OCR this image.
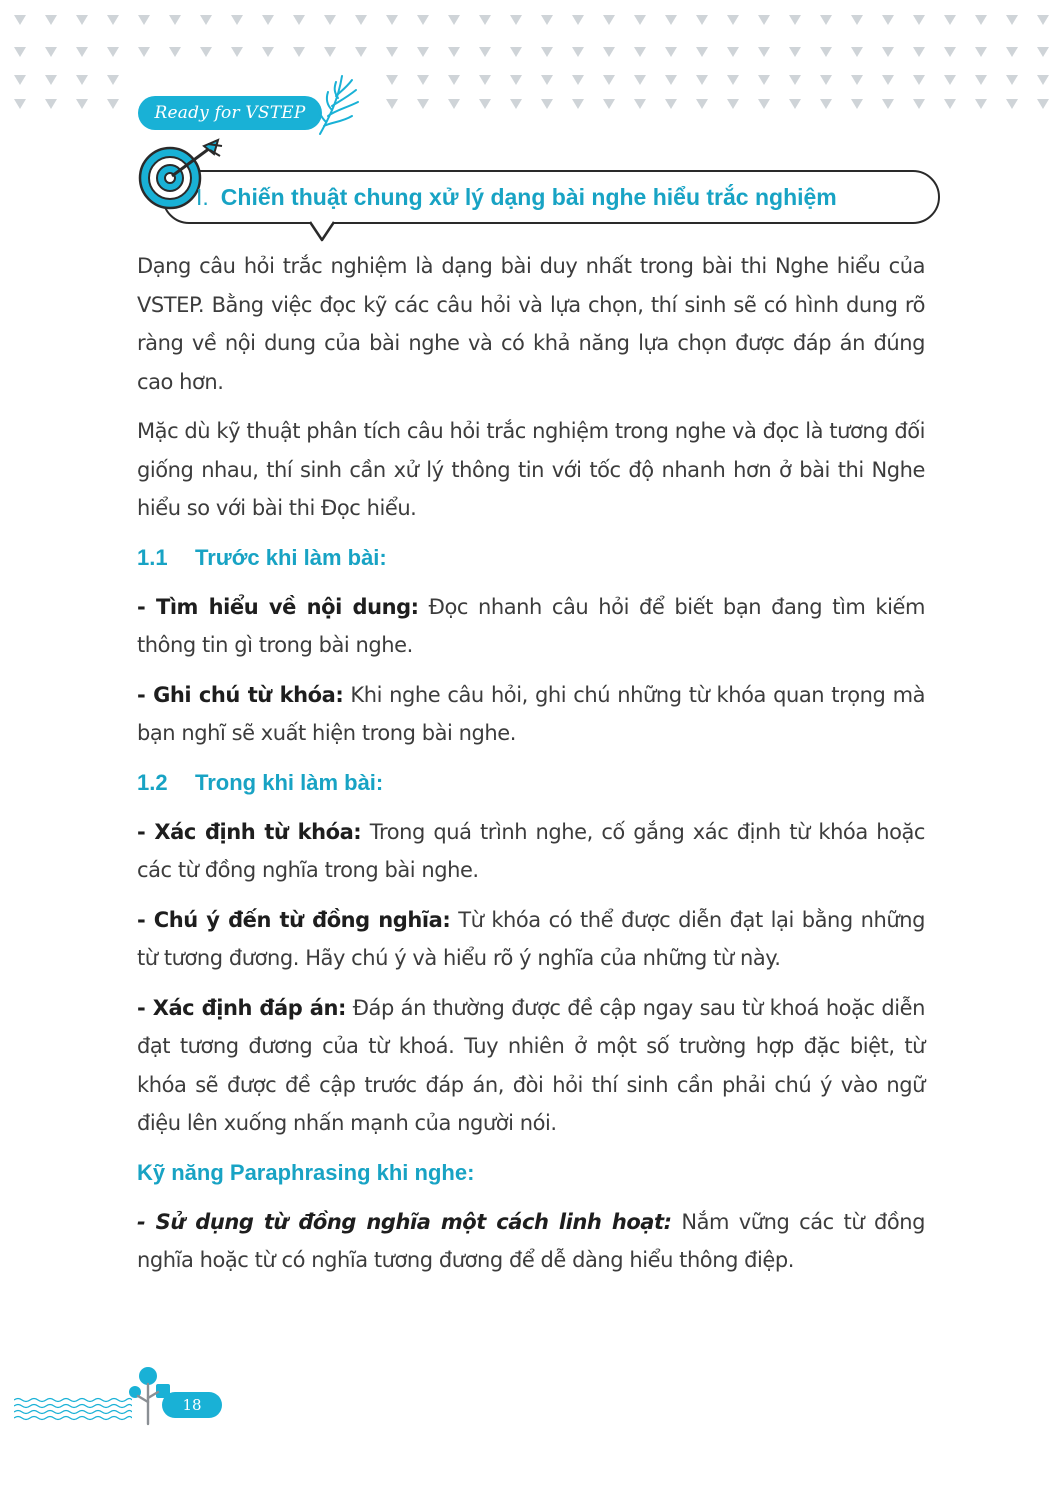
Ready for VSTEP
I. Chiến thuật chung xử lý dạng bài nghe hiểu trắc nghiệm

Dạng câu hỏi trắc nghiệm là dạng bài duy nhất trong bài thi Nghe hiểu của VSTEP. Bằng việc đọc kỹ các câu hỏi và lựa chọn, thí sinh sẽ có hình dung rõ ràng về nội dung của bài nghe và có khả năng lựa chọn được đáp án đúng cao hơn.

Mặc dù kỹ thuật phân tích câu hỏi trắc nghiệm trong nghe và đọc là tương đối giống nhau, thí sinh cần xử lý thông tin với tốc độ nhanh hơn ở bài thi Nghe hiểu so với bài thi Đọc hiểu.

1.1 Trước khi làm bài:

- Tìm hiểu về nội dung: Đọc nhanh câu hỏi để biết bạn đang tìm kiếm thông tin gì trong bài nghe.

- Ghi chú từ khóa: Khi nghe câu hỏi, ghi chú những từ khóa quan trọng mà bạn nghĩ sẽ xuất hiện trong bài nghe.

1.2 Trong khi làm bài:

- Xác định từ khóa: Trong quá trình nghe, cố gắng xác định từ khóa hoặc các từ đồng nghĩa trong bài nghe.

- Chú ý đến từ đồng nghĩa: Từ khóa có thể được diễn đạt lại bằng những từ tương đương. Hãy chú ý và hiểu rõ ý nghĩa của những từ này.

- Xác định đáp án: Đáp án thường được đề cập ngay sau từ khoá hoặc diễn đạt tương đương của từ khoá. Tuy nhiên ở một số trường hợp đặc biệt, từ khóa sẽ được đề cập trước đáp án, đòi hỏi thí sinh cần phải chú ý vào ngữ điệu lên xuống nhấn mạnh của người nói.

Kỹ năng Paraphrasing khi nghe:

- Sử dụng từ đồng nghĩa một cách linh hoạt: Nắm vững các từ đồng nghĩa hoặc từ có nghĩa tương đương để dễ dàng hiểu thông điệp.

18
